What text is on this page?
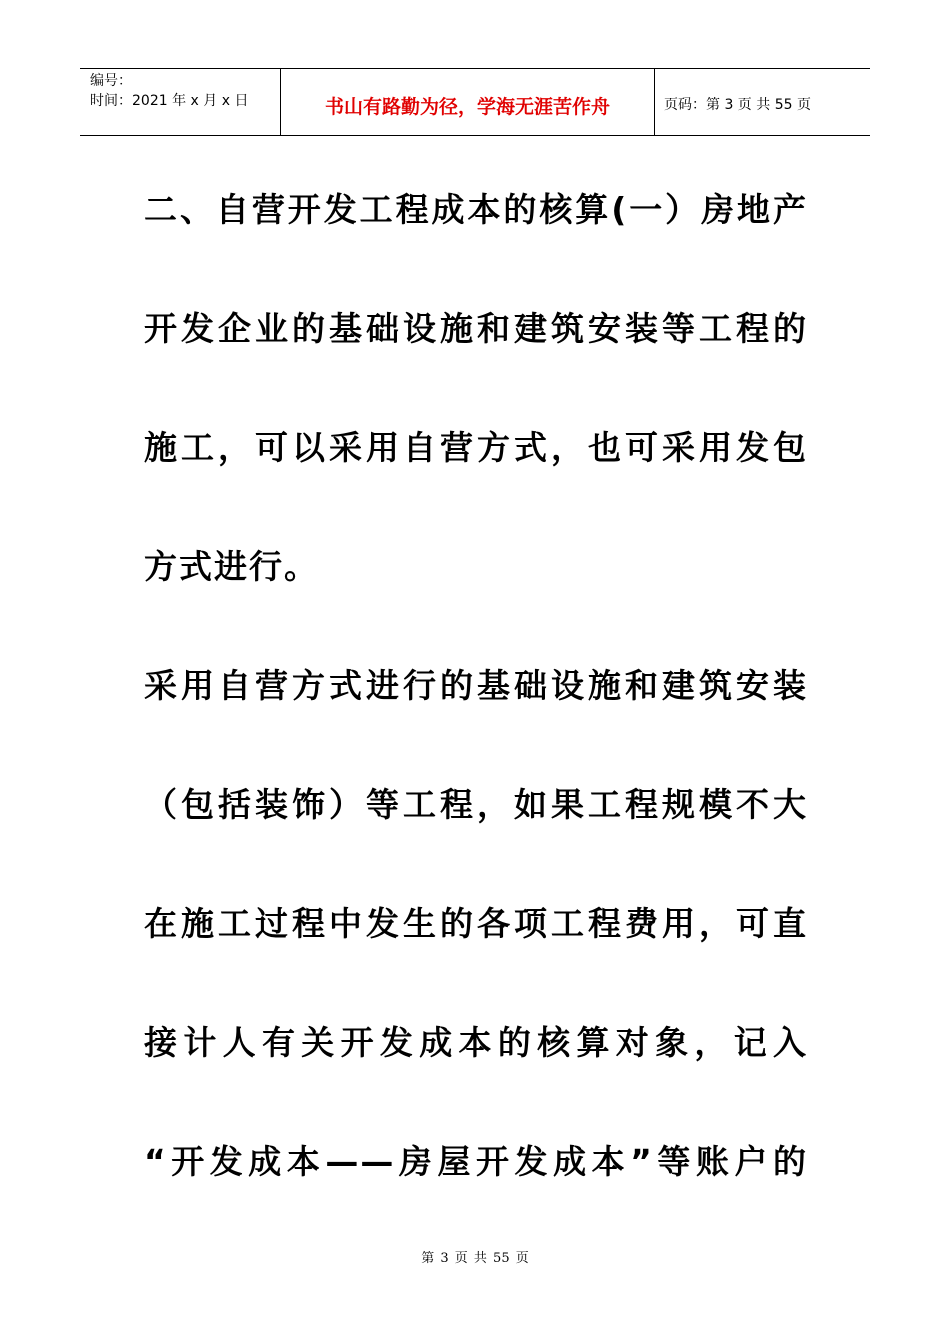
编号：
时间：2021 年 x 月 x 日	书山有路勤为径，学海无涯苦作舟	页码：第 3 页 共 55 页
二、自营开发工程成本的核算(一）房地产
开发企业的基础设施和建筑安装等工程的
施工，可以采用自营方式，也可采用发包
方式进行。
采用自营方式进行的基础设施和建筑安装
（包括装饰）等工程，如果工程规模不大
在施工过程中发生的各项工程费用，可直
接计人有关开发成本的核算对象，记入
“开发成本——房屋开发成本”等账户的
第 3 页 共 55 页
